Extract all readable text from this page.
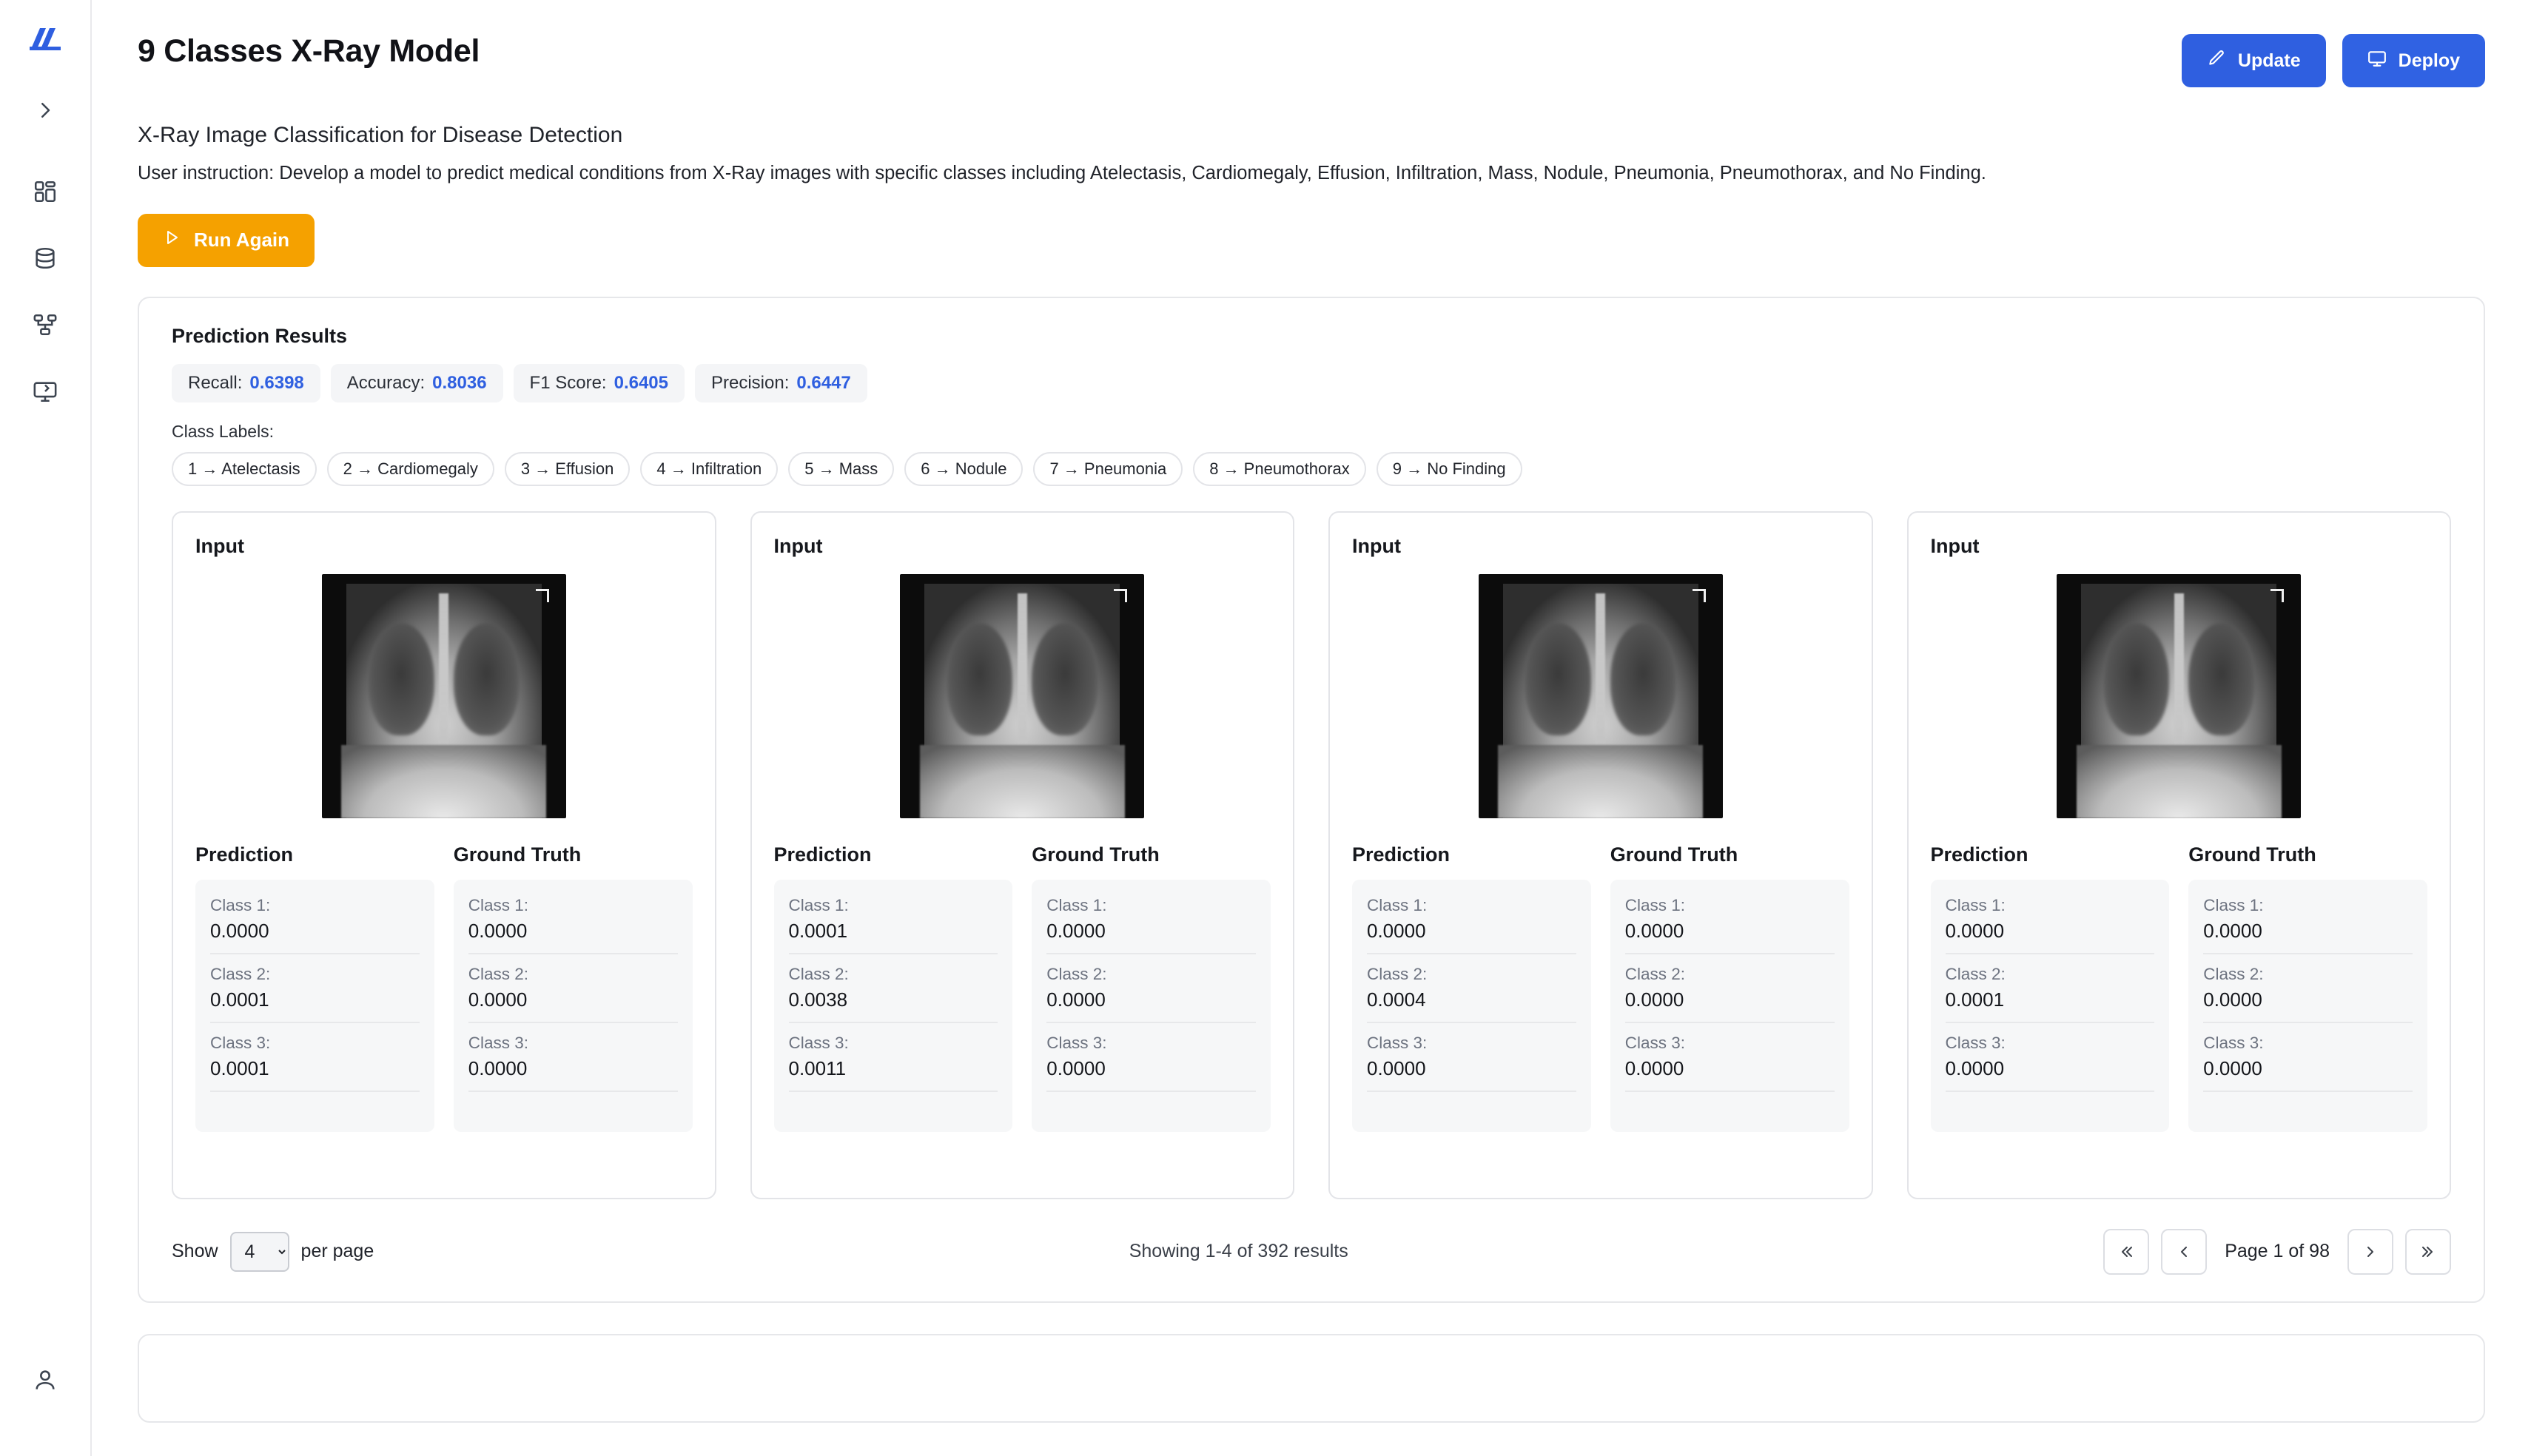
9 Classes X-Ray Model	Update	Deploy
X-Ray Image Classification for Disease Detection
User instruction: Develop a model to predict medical conditions from X-Ray images with specific classes including Atelectasis, Cardiomegaly, Effusion, Infiltration, Mass, Nodule, Pneumonia, Pneumothorax, and No Finding.
Run Again
Prediction Results
Recall: 0.6398 Accuracy: 0.8036 F1 Score: 0.6405 Precision: 0.6447
Class Labels:
1 → Atelectasis	2 → Cardiomegaly	3 → Effusion	4 → Infiltration	5 → Mass	6 → Nodule	7 → Pneumonia	8 → Pneumothorax	9 → No Finding
Input
Prediction	Ground Truth
Class 1:
0.0000
Class 2:
0.0001
Class 3:
0.0001

Class 1:
0.0000
Class 2:
0.0000
Class 3:
0.0000

Input
Prediction	Ground Truth
Class 1:
0.0001
Class 2:
0.0038
Class 3:
0.0011

Class 1:
0.0000
Class 2:
0.0000
Class 3:
0.0000

Input
Prediction	Ground Truth
Class 1:
0.0000
Class 2:
0.0004
Class 3:
0.0000

Class 1:
0.0000
Class 2:
0.0000
Class 3:
0.0000

Input
Prediction	Ground Truth
Class 1:
0.0000
Class 2:
0.0001
Class 3:
0.0000

Class 1:
0.0000
Class 2:
0.0000
Class 3:
0.0000

Show
4	per page	Showing 1-4 of 392 results	Page 1 of 98
